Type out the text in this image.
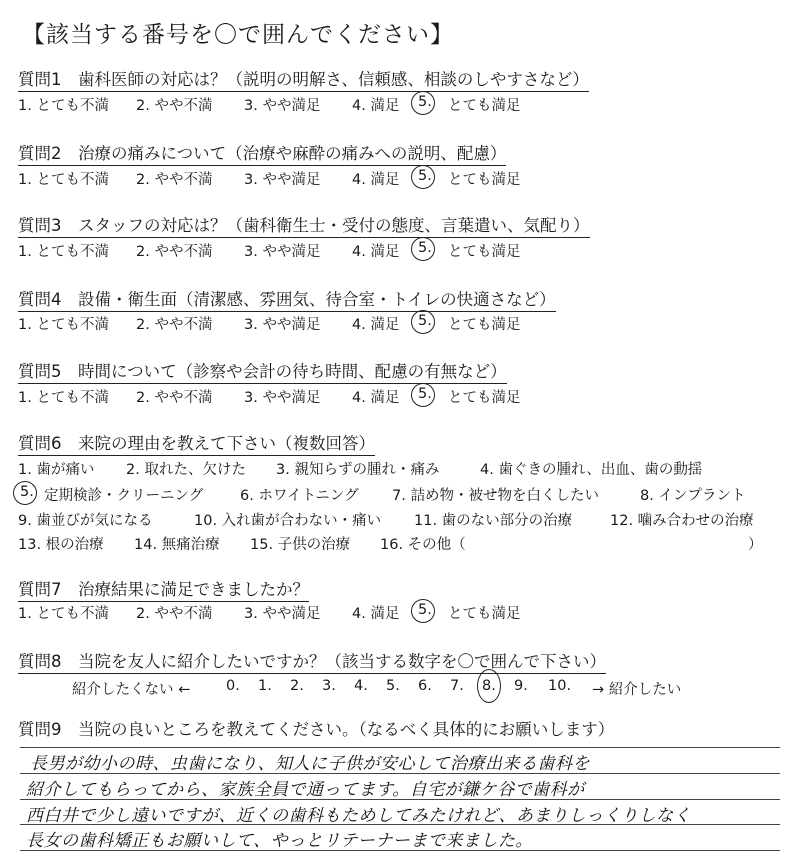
【該当する番号を〇で囲んでください】
質問1　歯科医師の対応は？（説明の明解さ、信頼感、相談のしやすさなど）
1. とても不満 2. やや不満 3. やや満足 4. 満足 5. とても満足
質問2　治療の痛みについて（治療や麻酔の痛みへの説明、配慮）
1. とても不満 2. やや不満 3. やや満足 4. 満足 5. とても満足
質問3　スタッフの対応は？（歯科衛生士・受付の態度、言葉遣い、気配り）
1. とても不満 2. やや不満 3. やや満足 4. 満足 5. とても満足
質問4　設備・衛生面（清潔感、雰囲気、待合室・トイレの快適さなど）
1. とても不満 2. やや不満 3. やや満足 4. 満足 5. とても満足
質問5　時間について（診察や会計の待ち時間、配慮の有無など）
1. とても不満 2. やや不満 3. やや満足 4. 満足 5. とても満足
質問6　来院の理由を教えて下さい（複数回答）
1. 歯が痛い 2. 取れた、欠けた 3. 親知らずの腫れ・痛み	4. 歯ぐきの腫れ、出血、歯の動揺
5. 定期検診・クリーニング	6. ホワイトニング 7. 詰め物・被せ物を白くしたい	8. インプラント
9. 歯並びが気になる	10. 入れ歯が合わない・痛い 11. 歯のない部分の治療	12. 噛み合わせの治療
13. 根の治療 14. 無痛治療 15. 子供の治療 16. その他（	）
質問7　治療結果に満足できましたか？
1. とても不満 2. やや不満 3. やや満足 4. 満足 5. とても満足
質問8　当院を友人に紹介したいですか？（該当する数字を〇で囲んで下さい）
紹介したくない ← 0. 1. 2. 3. 4. 5. 6. 7. 8. 9. 10. → 紹介したい
質問9　当院の良いところを教えてください。（なるべく具体的にお願いします）
長男が幼小の時、虫歯になり、知人に子供が安心して治療出来る歯科を
紹介してもらってから、家族全員で通ってます。自宅が鎌ケ谷で歯科が
西白井で少し遠いですが、近くの歯科もためしてみたけれど、あまりしっくりしなく
長女の歯科矯正もお願いして、やっとリテーナーまで来ました。
